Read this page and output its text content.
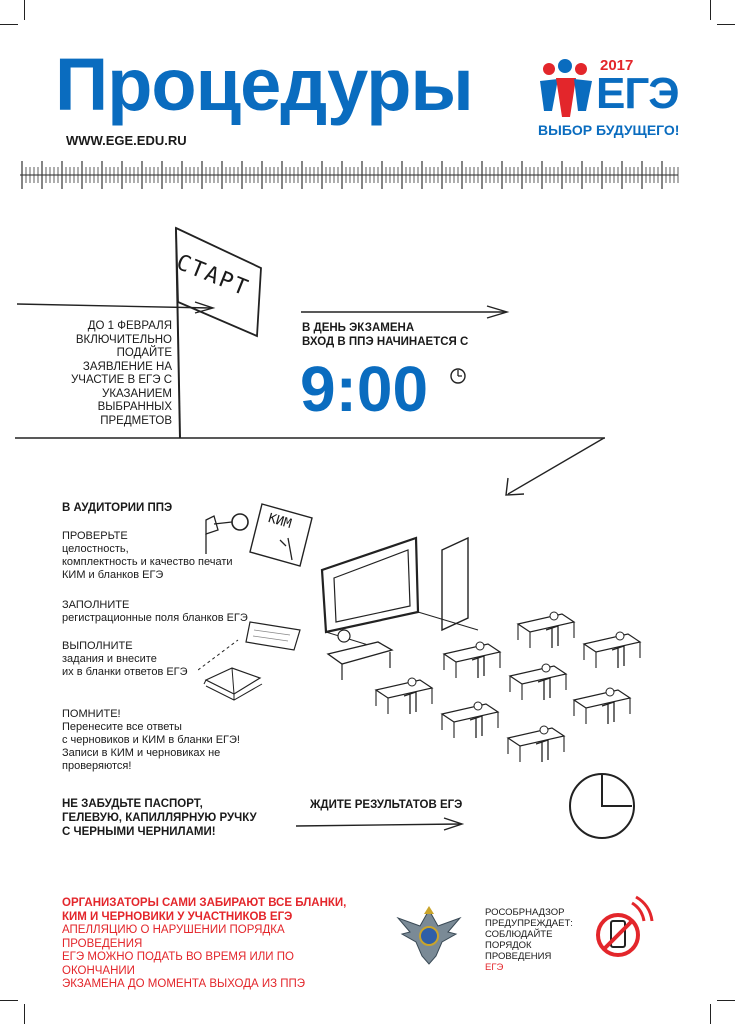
Процедуры
WWW.EGE.EDU.RU
2017
ЕГЭ
ВЫБОР БУДУЩЕГО!
СТАРТ
ДО 1 ФЕВРАЛЯ ВКЛЮЧИТЕЛЬНО ПОДАЙТЕ ЗАЯВЛЕНИЕ НА УЧАСТИЕ В ЕГЭ С УКАЗАНИЕМ ВЫБРАННЫХ ПРЕДМЕТОВ
В ДЕНЬ ЭКЗАМЕНА
ВХОД В ППЭ НАЧИНАЕТСЯ С
9:00
В АУДИТОРИИ ППЭ
ПРОВЕРЬТЕ
целостность,
комплектность и качество печати
КИМ и бланков ЕГЭ
ЗАПОЛНИТЕ
регистрационные поля бланков ЕГЭ
ВЫПОЛНИТЕ
задания и внесите
их в бланки ответов ЕГЭ
ПОМНИТЕ!
Перенесите все ответы
с черновиков и КИМ в бланки ЕГЭ!
Записи в КИМ и черновиках не
проверяются!
КИМ
НЕ ЗАБУДЬТЕ ПАСПОРТ,
ГЕЛЕВУЮ, КАПИЛЛЯРНУЮ РУЧКУ
С ЧЕРНЫМИ ЧЕРНИЛАМИ!
ЖДИТЕ РЕЗУЛЬТАТОВ ЕГЭ
ОРГАНИЗАТОРЫ САМИ ЗАБИРАЮТ ВСЕ БЛАНКИ,
КИМ И ЧЕРНОВИКИ У УЧАСТНИКОВ ЕГЭ
АПЕЛЛЯЦИЮ О НАРУШЕНИИ ПОРЯДКА ПРОВЕДЕНИЯ
ЕГЭ МОЖНО ПОДАТЬ ВО ВРЕМЯ ИЛИ ПО ОКОНЧАНИИ
ЭКЗАМЕНА ДО МОМЕНТА ВЫХОДА ИЗ ППЭ
РОСОБРНАДЗОР
ПРЕДУПРЕЖДАЕТ:
СОБЛЮДАЙТЕ
ПОРЯДОК
ПРОВЕДЕНИЯ
ЕГЭ
